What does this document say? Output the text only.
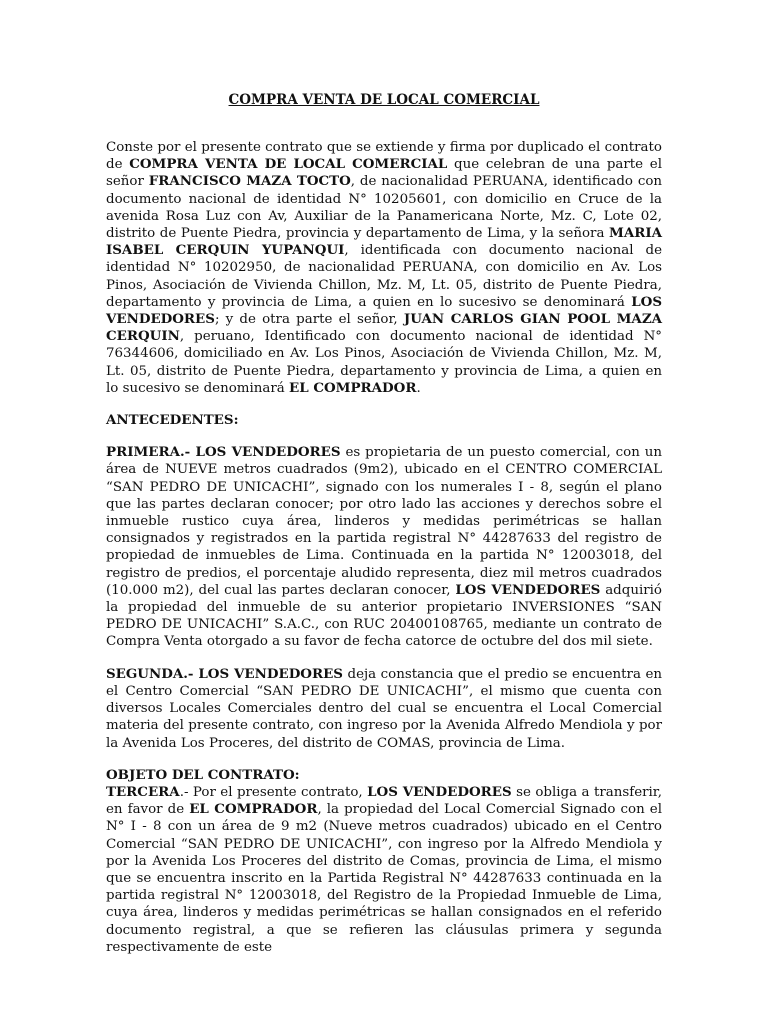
COMPRA VENTA DE LOCAL COMERCIAL

Conste por el presente contrato que se extiende y firma por duplicado el contrato de COMPRA VENTA DE LOCAL COMERCIAL que celebran de una parte el señor FRANCISCO MAZA TOCTO, de nacionalidad PERUANA, identificado con documento nacional de identidad N° 10205601, con domicilio en Cruce de la avenida Rosa Luz con Av, Auxiliar de la Panamericana Norte, Mz. C, Lote 02, distrito de Puente Piedra, provincia y departamento de Lima, y la señora MARIA ISABEL CERQUIN YUPANQUI, identificada con documento nacional de identidad N° 10202950, de nacionalidad PERUANA, con domicilio en Av. Los Pinos, Asociación de Vivienda Chillon, Mz. M, Lt. 05, distrito de Puente Piedra, departamento y provincia de Lima, a quien en lo sucesivo se denominará LOS VENDEDORES; y de otra parte el señor, JUAN CARLOS GIAN POOL MAZA CERQUIN, peruano, Identificado con documento nacional de identidad N° 76344606, domiciliado en Av. Los Pinos, Asociación de Vivienda Chillon, Mz. M, Lt. 05, distrito de Puente Piedra, departamento y provincia de Lima, a quien en lo sucesivo se denominará EL COMPRADOR.

ANTECEDENTES:

PRIMERA.- LOS VENDEDORES es propietaria de un puesto comercial, con un área de NUEVE metros cuadrados (9m2), ubicado en el CENTRO COMERCIAL “SAN PEDRO DE UNICACHI”, signado con los numerales I - 8, según el plano que las partes declaran conocer; por otro lado las acciones y derechos sobre el inmueble rustico cuya área, linderos y medidas perimétricas se hallan consignados y registrados en la partida registral N° 44287633 del registro de propiedad de inmuebles de Lima. Continuada en la partida N° 12003018, del registro de predios, el porcentaje aludido representa, diez mil metros cuadrados (10.000 m2), del cual las partes declaran conocer, LOS VENDEDORES adquirió la propiedad del inmueble de su anterior propietario INVERSIONES “SAN PEDRO DE UNICACHI” S.A.C., con RUC 20400108765, mediante un contrato de Compra Venta otorgado a su favor de fecha catorce de octubre del dos mil siete.

SEGUNDA.- LOS VENDEDORES deja constancia que el predio se encuentra en el Centro Comercial “SAN PEDRO DE UNICACHI”, el mismo que cuenta con diversos Locales Comerciales dentro del cual se encuentra el Local Comercial materia del presente contrato, con ingreso por la Avenida Alfredo Mendiola y por la Avenida Los Proceres, del distrito de COMAS, provincia de Lima.

OBJETO DEL CONTRATO:

TERCERA.- Por el presente contrato, LOS VENDEDORES se obliga a transferir, en favor de EL COMPRADOR, la propiedad del Local Comercial Signado con el N° I - 8 con un área de 9 m2 (Nueve metros cuadrados) ubicado en el Centro Comercial “SAN PEDRO DE UNICACHI”, con ingreso por la Alfredo Mendiola y por la Avenida Los Proceres del distrito de Comas, provincia de Lima, el mismo que se encuentra inscrito en la Partida Registral N° 44287633 continuada en la partida registral N° 12003018, del Registro de la Propiedad Inmueble de Lima, cuya área, linderos y medidas perimétricas se hallan consignados en el referido documento registral, a que se refieren las cláusulas primera y segunda respectivamente de este
